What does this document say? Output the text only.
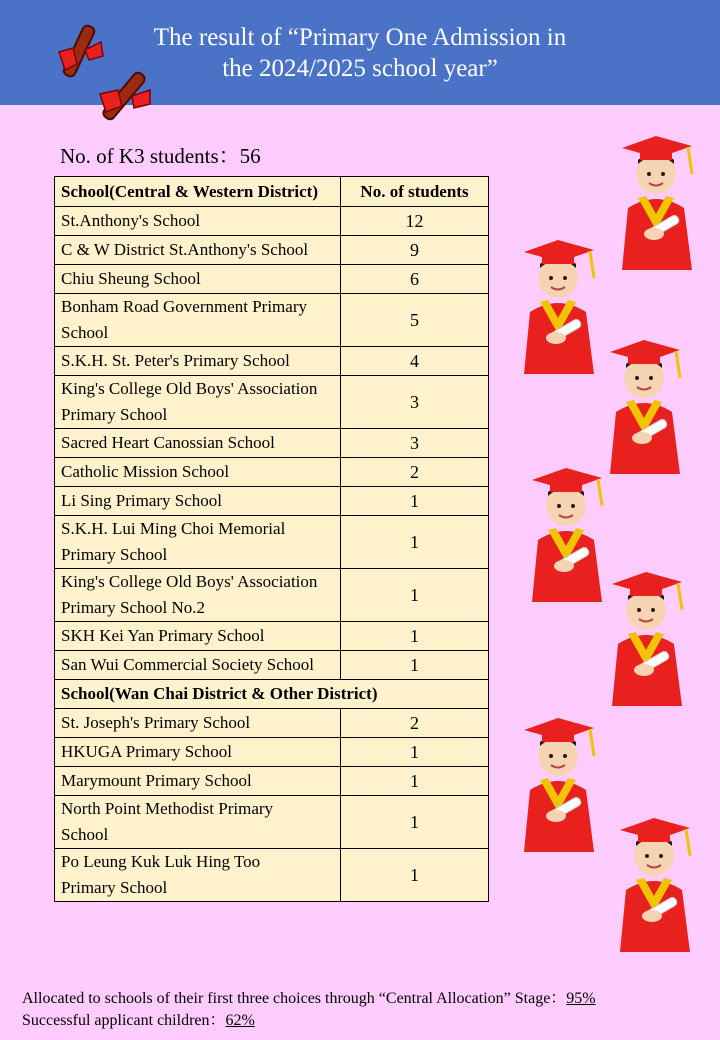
The result of “Primary One Admission in
the 2024/2025 school year”
No. of K3 students：56
School(Central & Western District)	No. of students

St.Anthony's School	12

C & W District St.Anthony's School	9

Chiu Sheung School	6

Bonham Road Government Primary School	5

S.K.H. St. Peter's Primary School	4

King's College Old Boys' Association
Primary School	3

Sacred Heart Canossian School	3

Catholic Mission School	2

Li Sing Primary School	1

S.K.H. Lui Ming Choi Memorial
Primary School	1

King's College Old Boys' Association
Primary School No.2	1

SKH Kei Yan Primary School	1

San Wui Commercial Society School	1
School(Wan Chai District & Other District)	

St. Joseph's Primary School	2

HKUGA Primary School	1

Marymount Primary School	1

North Point Methodist Primary
School	1

Po Leung Kuk Luk Hing Too
Primary School	1
Allocated to schools of their first three choices through “Central Allocation” Stage：95%
Successful applicant children：62%
